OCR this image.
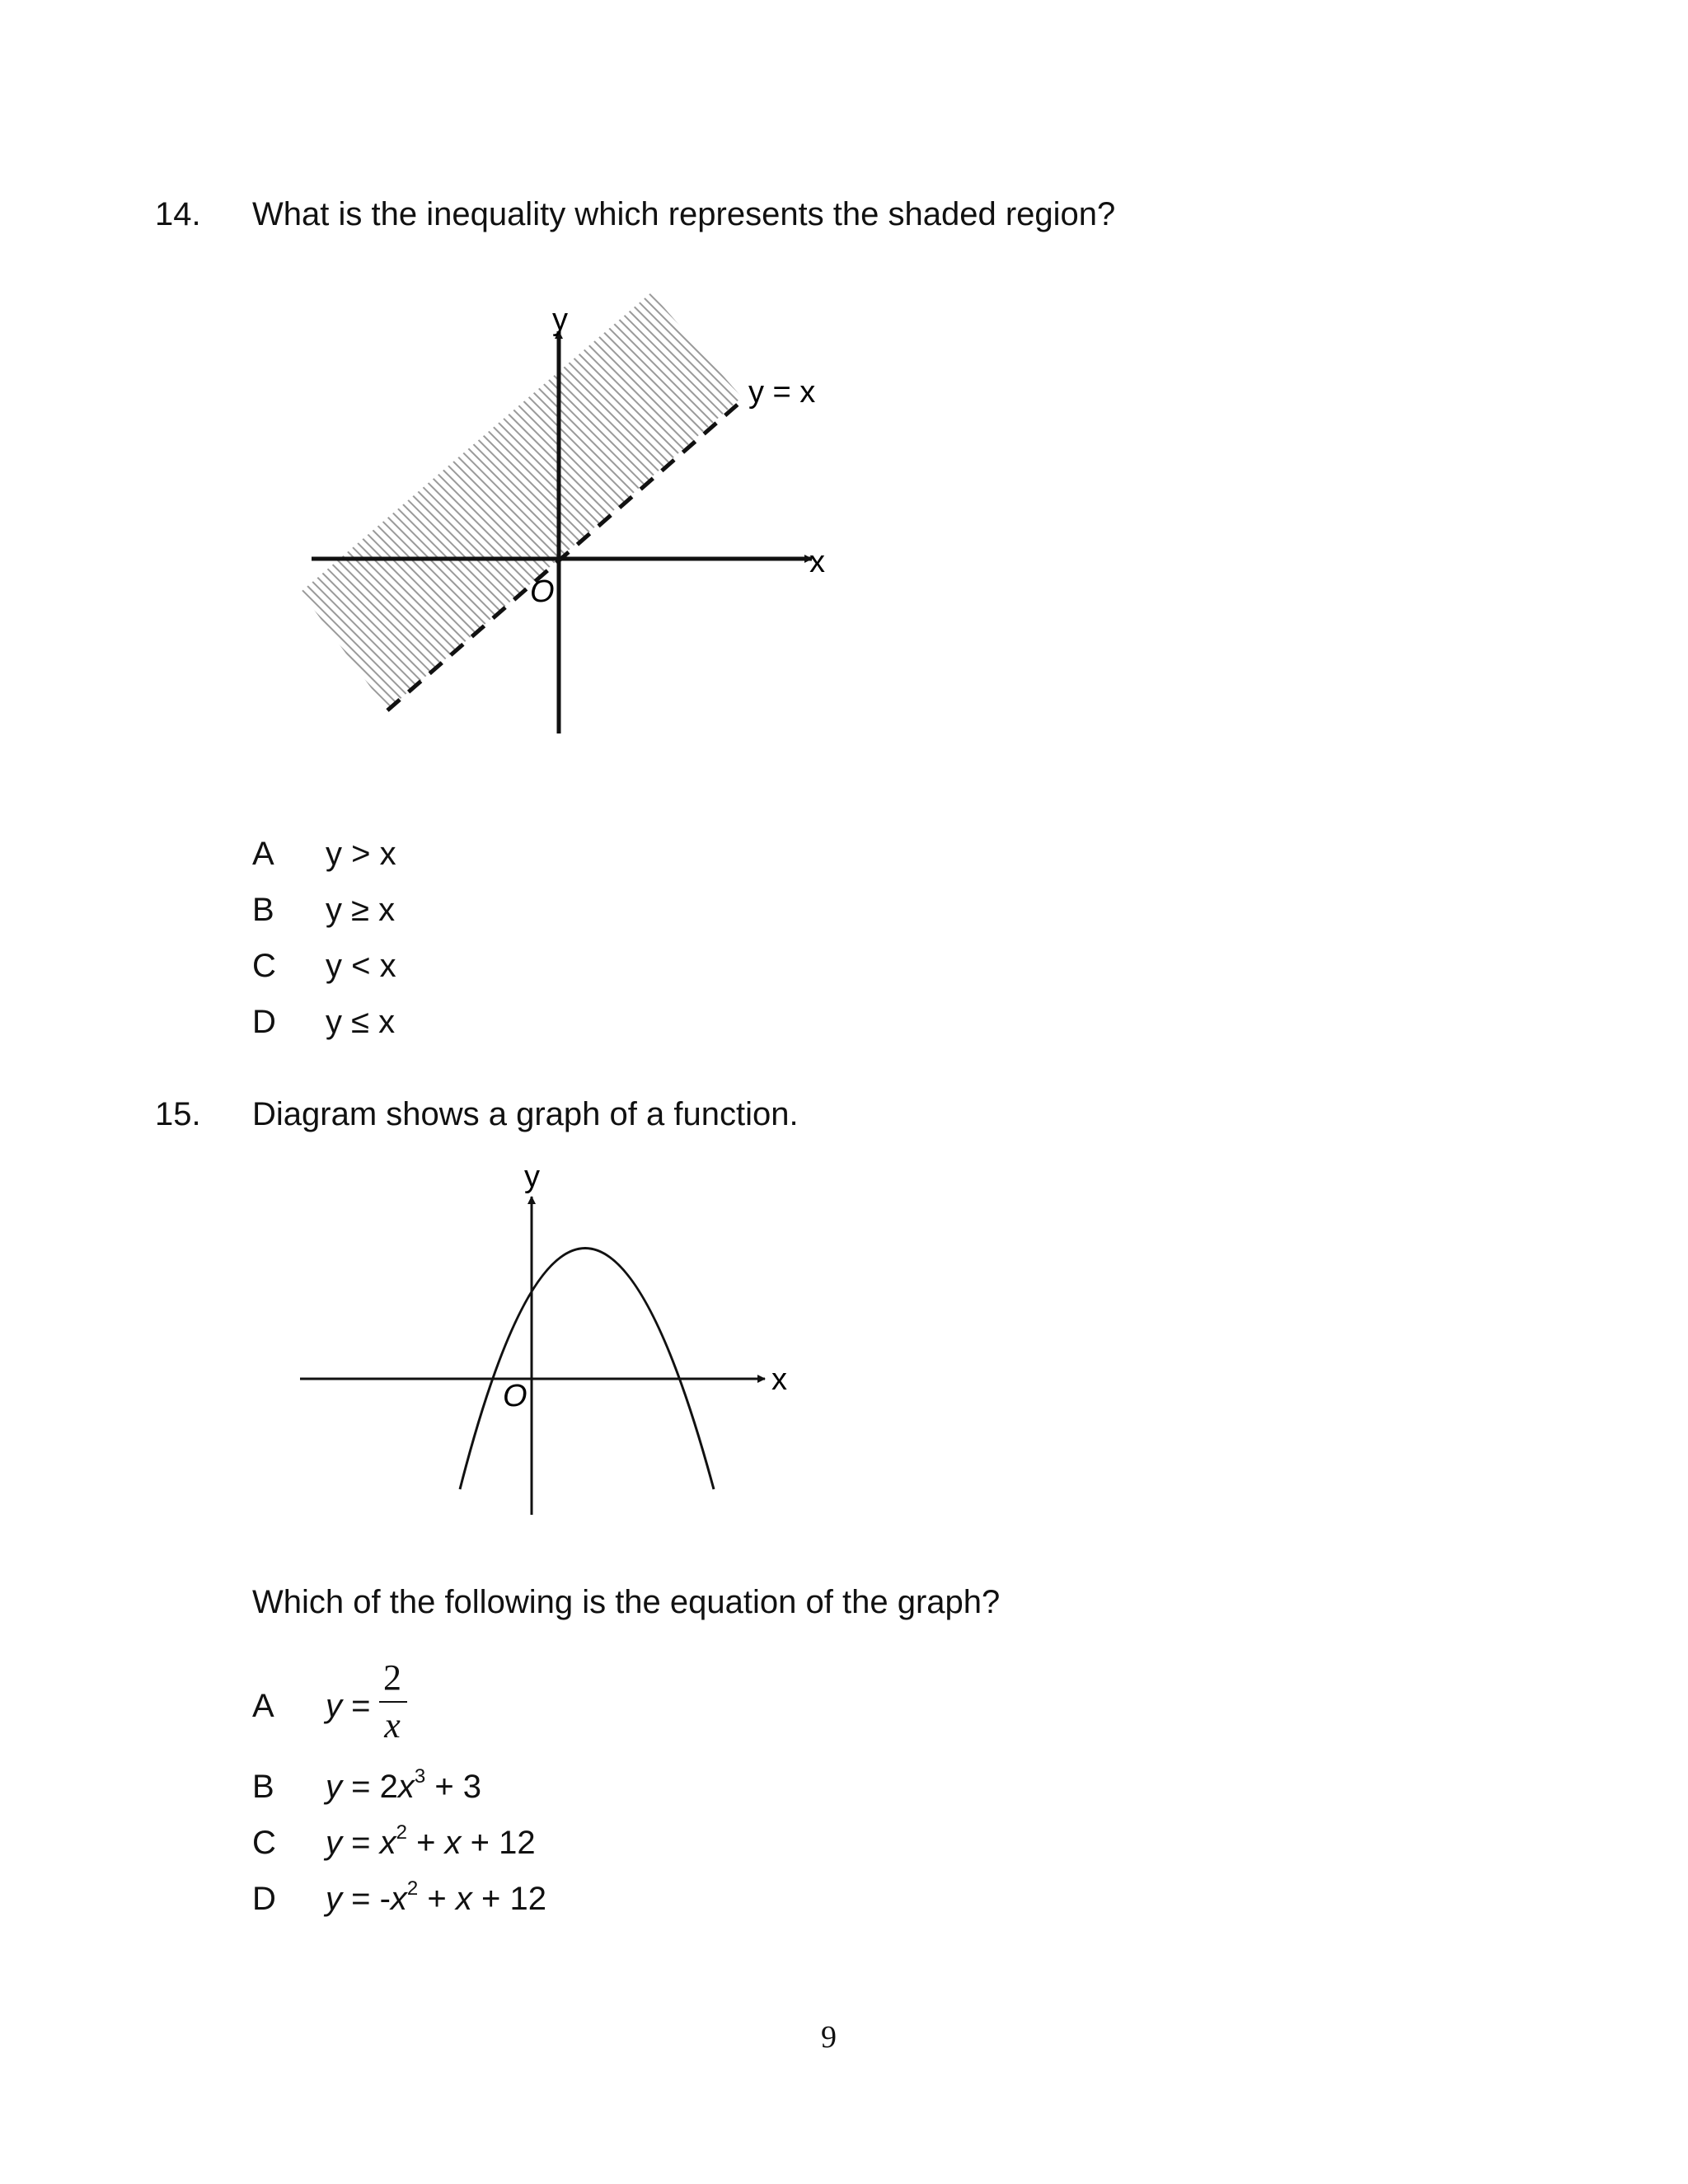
14. What is the inequality which represents the shaded region?
y
x
O
y = x
A y > x
B y ≥ x
C y < x
D y ≤ x
15. Diagram shows a graph of a function.
y
x
O
Which of the following is the equation of the graph?
A y =
2
x
B $y = 2x^3 + 3$
C $y = x^2 + x + 12$
D $y = -x^2 + x + 12$
9
